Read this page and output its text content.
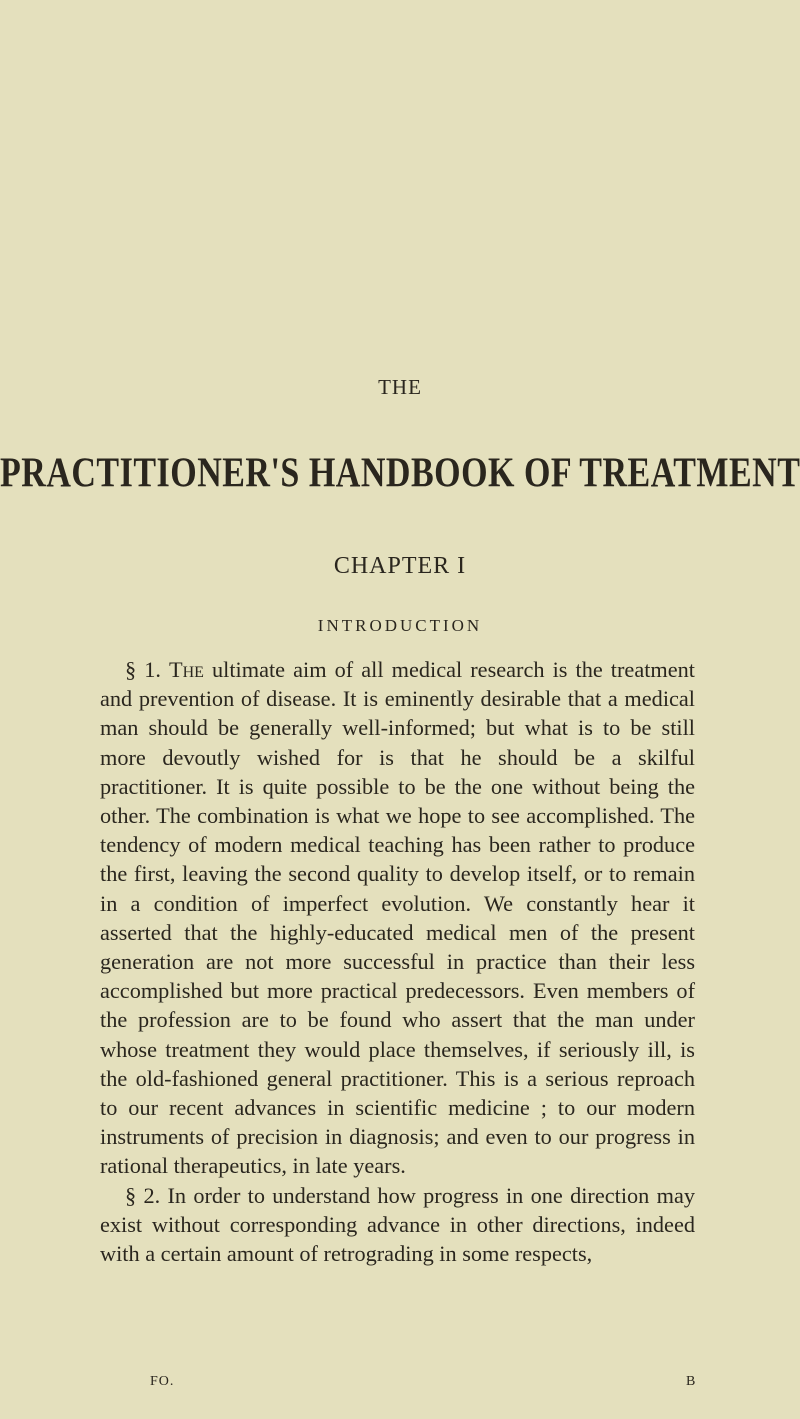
THE
PRACTITIONER'S HANDBOOK OF TREATMENT
CHAPTER I
INTRODUCTION

§ 1. The ultimate aim of all medical research is the treatment and prevention of disease. It is eminently desirable that a medical man should be generally well-informed; but what is to be still more devoutly wished for is that he should be a skilful practitioner. It is quite possible to be the one without being the other. The combination is what we hope to see accomplished. The tendency of modern medical teaching has been rather to produce the first, leaving the second quality to develop itself, or to remain in a condition of imperfect evolution. We constantly hear it asserted that the highly-educated medical men of the present generation are not more successful in practice than their less accomplished but more practical predecessors. Even members of the profession are to be found who assert that the man under whose treatment they would place themselves, if seriously ill, is the old-fashioned general practitioner. This is a serious reproach to our recent advances in scientific medicine ; to our modern instruments of precision in diagnosis; and even to our progress in rational therapeutics, in late years.

§ 2. In order to understand how progress in one direction may exist without corresponding advance in other directions, indeed with a certain amount of retrograding in some respects,

FO.	B
